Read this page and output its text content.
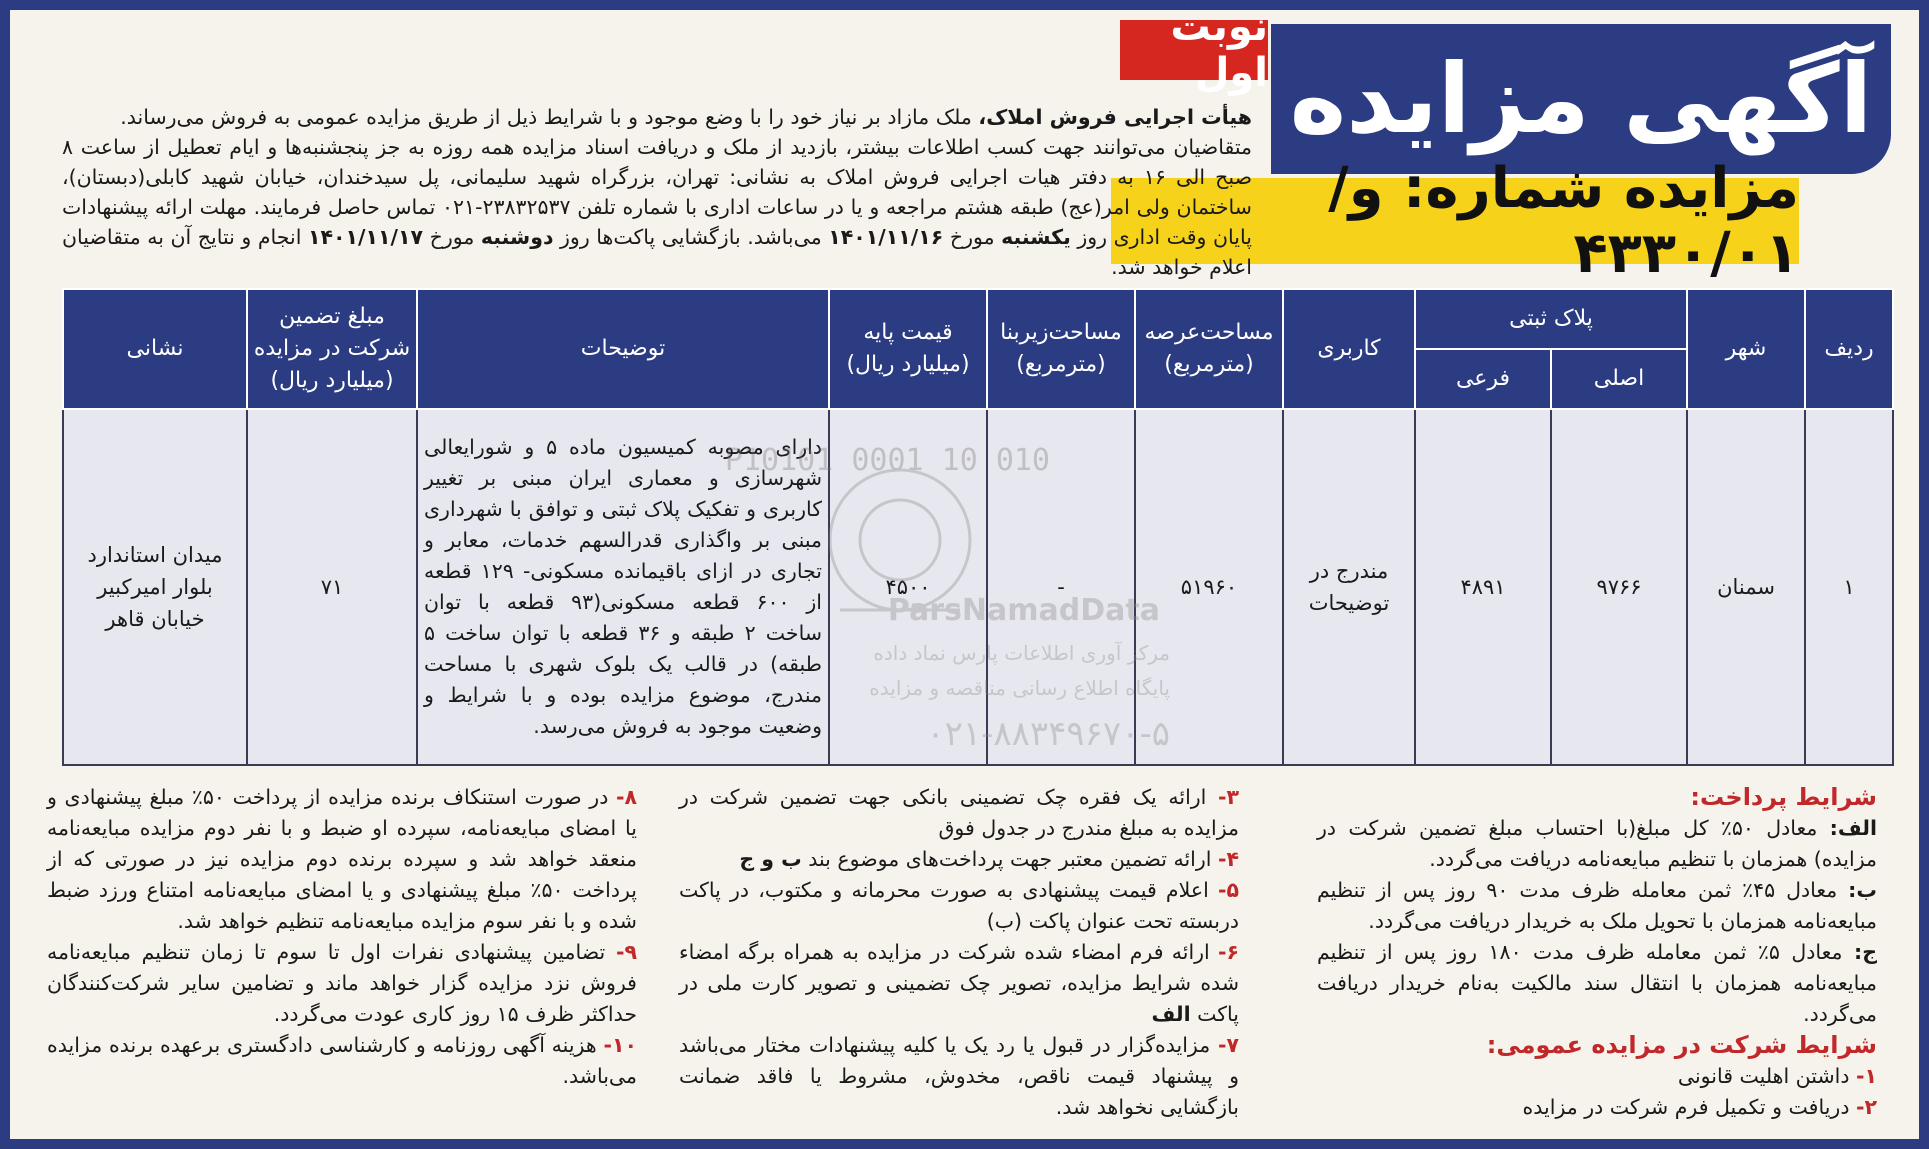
آگهی مزایده
مزایده شماره: و/۴۳۳۰/۰۱
نوبت اول

هیأت اجرایی فروش املاک، ملک مازاد بر نیاز خود را با وضع موجود و با شرایط ذیل از طریق مزایده عمومی به فروش می‌رساند.

متقاضیان می‌توانند جهت کسب اطلاعات بیشتر، بازدید از ملک و دریافت اسناد مزایده همه روزه به جز پنجشنبه‌ها و ایام تعطیل از ساعت ۸ صبح الی ۱۶ به دفتر هیات اجرایی فروش املاک به نشانی: تهران، بزرگراه شهید سلیمانی، پل سیدخندان، خیابان شهید کابلی(دبستان)، ساختمان ولی امر(عج) طبقه هشتم مراجعه و یا در ساعات اداری با شماره تلفن ۲۳۸۳۲۵۳۷-۰۲۱ تماس حاصل فرمایند. مهلت ارائه پیشنهادات پایان وقت اداری روز یکشنبه مورخ ۱۴۰۱/۱۱/۱۶ می‌باشد. بازگشایی پاکت‌ها روز دوشنبه مورخ ۱۴۰۱/۱۱/۱۷ انجام و نتایج آن به متقاضیان اعلام خواهد شد.

ردیف	شهر	پلاک ثبتی		کاربری	مساحت‌عرصه (مترمربع)	مساحت‌زیربنا (مترمربع)	قیمت پایه (میلیارد ریال)	توضیحات	مبلغ تضمین شرکت در مزایده (میلیارد ریال)	نشانی
		اصلی	فرعی							
۱	سمنان	۹۷۶۶	۴۸۹۱	مندرج در توضیحات	۵۱۹۶۰	-	۴۵۰۰	دارای مصوبه کمیسیون ماده ۵ و شورایعالی شهرسازی و معماری ایران مبنی بر تغییر کاربری و تفکیک پلاک ثبتی و توافق با شهرداری مبنی بر واگذاری قدرالسهم خدمات، معابر و تجاری در ازای باقیمانده مسکونی- ۱۲۹ قطعه از ۶۰۰ قطعه مسکونی(۹۳ قطعه با توان ساخت ۲ طبقه و ۳۶ قطعه با توان ساخت ۵ طبقه) در قالب یک بلوک شهری با مساحت مندرج، موضوع مزایده بوده و با شرایط و وضعیت موجود به فروش می‌رسد.	۷۱	میدان استاندارد بلوار امیرکبیر خیابان قاهر
P10101 0001 10 010
ParsNamadData
مرکز آوری اطلاعات پارس نماد داده
پایگاه اطلاع رسانی مناقصه و مزایده
۰۲۱-۸۸۳۴۹۶۷۰-۵

شرایط پرداخت:

الف: معادل ۵۰٪ کل مبلغ(با احتساب مبلغ تضمین شرکت در مزایده) همزمان با تنظیم مبایعه‌نامه دریافت می‌گردد.

ب: معادل ۴۵٪ ثمن معامله ظرف مدت ۹۰ روز پس از تنظیم مبایعه‌نامه همزمان با تحویل ملک به خریدار دریافت می‌گردد.

ج: معادل ۵٪ ثمن معامله ظرف مدت ۱۸۰ روز پس از تنظیم مبایعه‌نامه همزمان با انتقال سند مالکیت به‌نام خریدار دریافت می‌گردد.

شرایط شرکت در مزایده عمومی:

۱- داشتن اهلیت قانونی

۲- دریافت و تکمیل فرم شرکت در مزایده

۳- ارائه یک فقره چک تضمینی بانکی جهت تضمین شرکت در مزایده به مبلغ مندرج در جدول فوق

۴- ارائه تضمین معتبر جهت پرداخت‌های موضوع بند ب و ج

۵- اعلام قیمت پیشنهادی به صورت محرمانه و مکتوب، در پاکت دربسته تحت عنوان پاکت (ب)

۶- ارائه فرم امضاء شده شرکت در مزایده به همراه برگه امضاء شده شرایط مزایده، تصویر چک تضمینی و تصویر کارت ملی در پاکت الف

۷- مزایده‌گزار در قبول یا رد یک یا کلیه پیشنهادات مختار می‌باشد و پیشنهاد قیمت ناقص، مخدوش، مشروط یا فاقد ضمانت بازگشایی نخواهد شد.

۸- در صورت استنکاف برنده مزایده از پرداخت ۵۰٪ مبلغ پیشنهادی و یا امضای مبایعه‌نامه، سپرده او ضبط و با نفر دوم مزایده مبایعه‌نامه منعقد خواهد شد و سپرده برنده دوم مزایده نیز در صورتی که از پرداخت ۵۰٪ مبلغ پیشنهادی و یا امضای مبایعه‌نامه امتناع ورزد ضبط شده و با نفر سوم مزایده مبایعه‌نامه تنظیم خواهد شد.

۹- تضامین پیشنهادی نفرات اول تا سوم تا زمان تنظیم مبایعه‌نامه فروش نزد مزایده گزار خواهد ماند و تضامین سایر شرکت‌کنندگان حداکثر ظرف ۱۵ روز کاری عودت می‌گردد.

۱۰- هزینه آگهی روزنامه و کارشناسی دادگستری برعهده برنده مزایده می‌باشد.
